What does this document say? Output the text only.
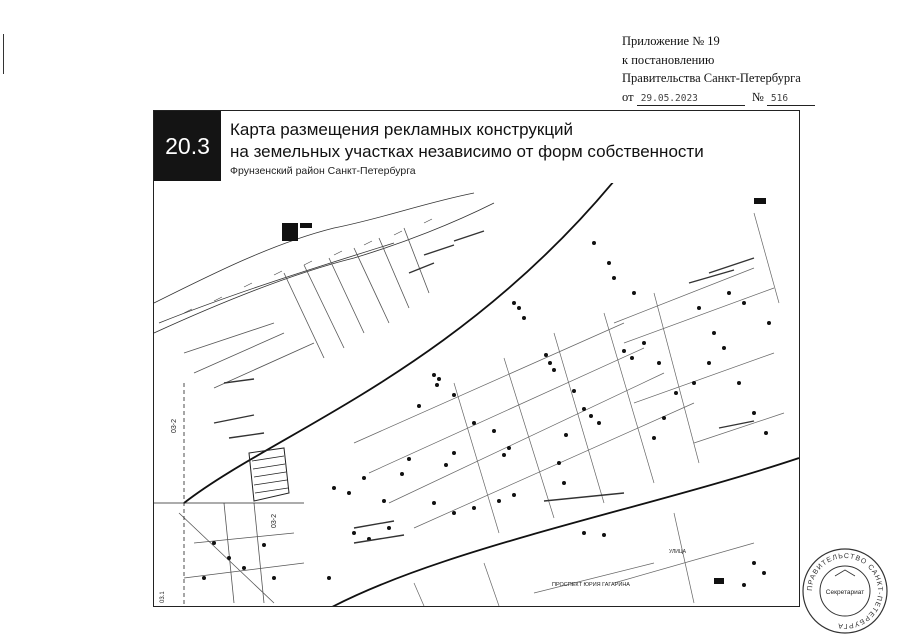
Приложение № 19
к постановлению
Правительства Санкт-Петербурга
от 29.05.2023	№ 516
20.3
Карта размещения рекламных конструкций
на земельных участках независимо от форм собственности
Фрунзенский район Санкт-Петербурга
ПРОСПЕКТ ЮРИЯ ГАГАРИНА
УЛИЦА
03-2
03-2
03.1
ПРАВИТЕЛЬСТВО САНКТ-ПЕТЕРБУРГА
Секретариат
